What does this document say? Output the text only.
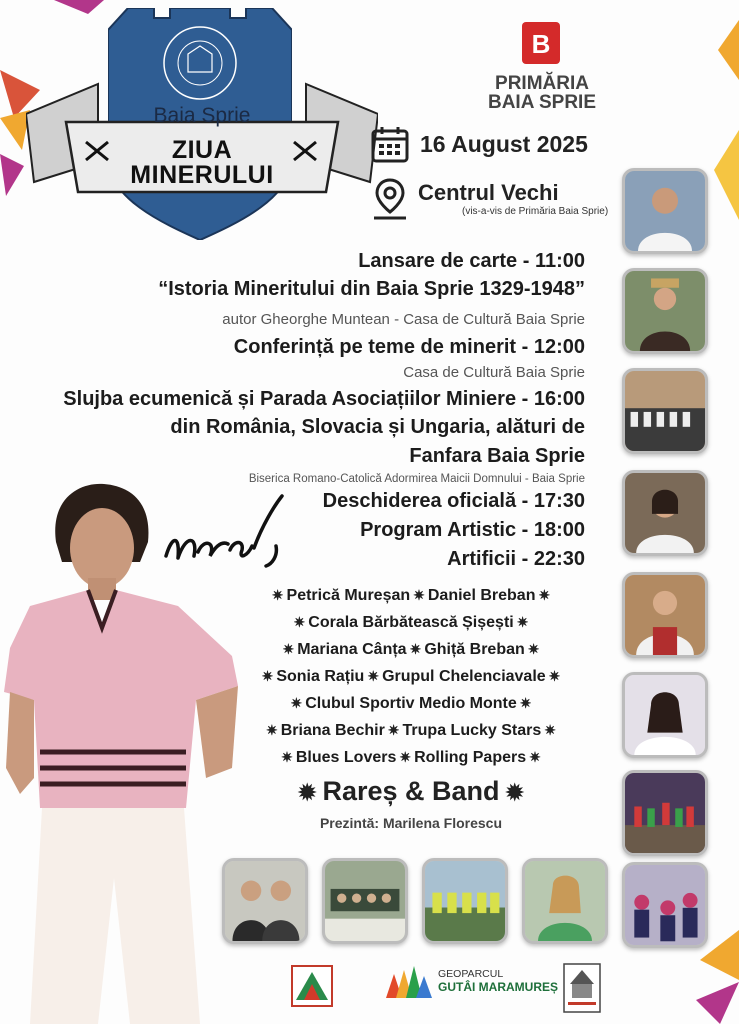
Baia Sprie
ZIUA
MINERULUI
B
PRIMĂRIA
BAIA SPRIE
16 August 2025
Centrul Vechi
(vis-a-vis de Primăria Baia Sprie)
Lansare de carte - 11:00
“Istoria Mineritului din Baia Sprie 1329-1948”
autor Gheorghe Muntean - Casa de Cultură Baia Sprie
Conferință pe teme de minerit - 12:00
Casa de Cultură Baia Sprie
Slujba ecumenică și Parada Asociațiilor Miniere - 16:00
din România, Slovacia și Ungaria, alături de
Fanfara Baia Sprie
Biserica Romano-Catolică Adormirea Maicii Domnului - Baia Sprie
Deschiderea oficială - 17:30
Program Artistic - 18:00
Artificii - 22:30
✷ Petrică Mureșan ✷ Daniel Breban ✷
✷ Corala Bărbătească Șișești ✷
✷ Mariana Cânța ✷ Ghiță Breban ✷
✷ Sonia Rațiu ✷ Grupul Chelenciavale ✷
✷ Clubul Sportiv Medio Monte ✷
✷ Briana Bechir ✷ Trupa Lucky Stars ✷
✷ Blues Lovers ✷ Rolling Papers ✷
✹ Rareș & Band ✹
Prezintă: Marilena Florescu
GEOPARCUL
GUTÂI MARAMUREȘ
